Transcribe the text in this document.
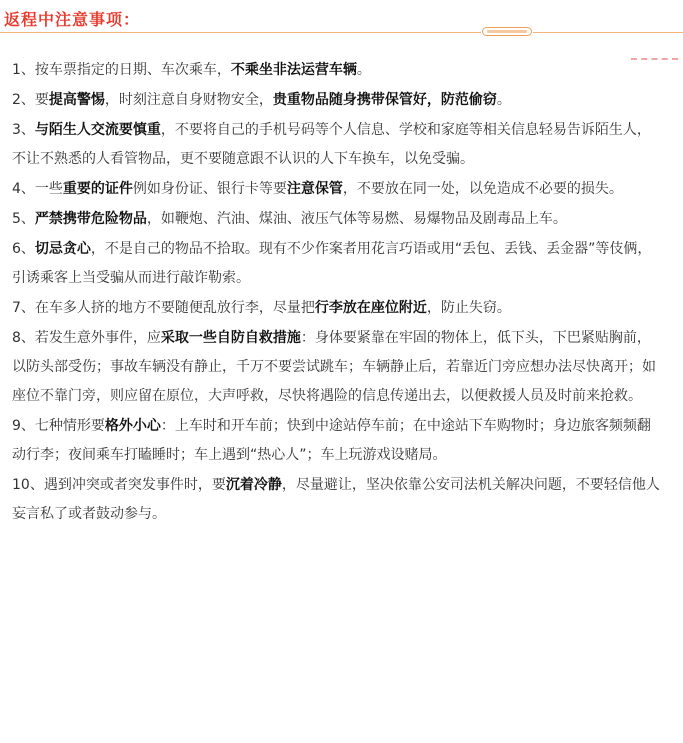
返程中注意事项：

1、按车票指定的日期、车次乘车，不乘坐非法运营车辆。

2、要提高警惕，时刻注意自身财物安全，贵重物品随身携带保管好，防范偷窃。

3、与陌生人交流要慎重，不要将自己的手机号码等个人信息、学校和家庭等相关信息轻易告诉陌生人，不让不熟悉的人看管物品，更不要随意跟不认识的人下车换车，以免受骗。

4、一些重要的证件例如身份证、银行卡等要注意保管，不要放在同一处，以免造成不必要的损失。

5、严禁携带危险物品，如鞭炮、汽油、煤油、液压气体等易燃、易爆物品及剧毒品上车。

6、切忌贪心，不是自己的物品不拾取。现有不少作案者用花言巧语或用“丢包、丢钱、丢金器”等伎俩，引诱乘客上当受骗从而进行敲诈勒索。

7、在车多人挤的地方不要随便乱放行李，尽量把行李放在座位附近，防止失窃。

8、若发生意外事件，应采取一些自防自救措施：身体要紧靠在牢固的物体上，低下头，下巴紧贴胸前，以防头部受伤；事故车辆没有静止，千万不要尝试跳车；车辆静止后，若靠近门旁应想办法尽快离开；如座位不靠门旁，则应留在原位，大声呼救，尽快将遇险的信息传递出去，以便救援人员及时前来抢救。

9、七种情形要格外小心：上车时和开车前；快到中途站停车前；在中途站下车购物时；身边旅客频频翻动行李；夜间乘车打瞌睡时；车上遇到“热心人”；车上玩游戏设赌局。

10、遇到冲突或者突发事件时，要沉着冷静，尽量避让，坚决依靠公安司法机关解决问题，不要轻信他人妄言私了或者鼓动参与。
